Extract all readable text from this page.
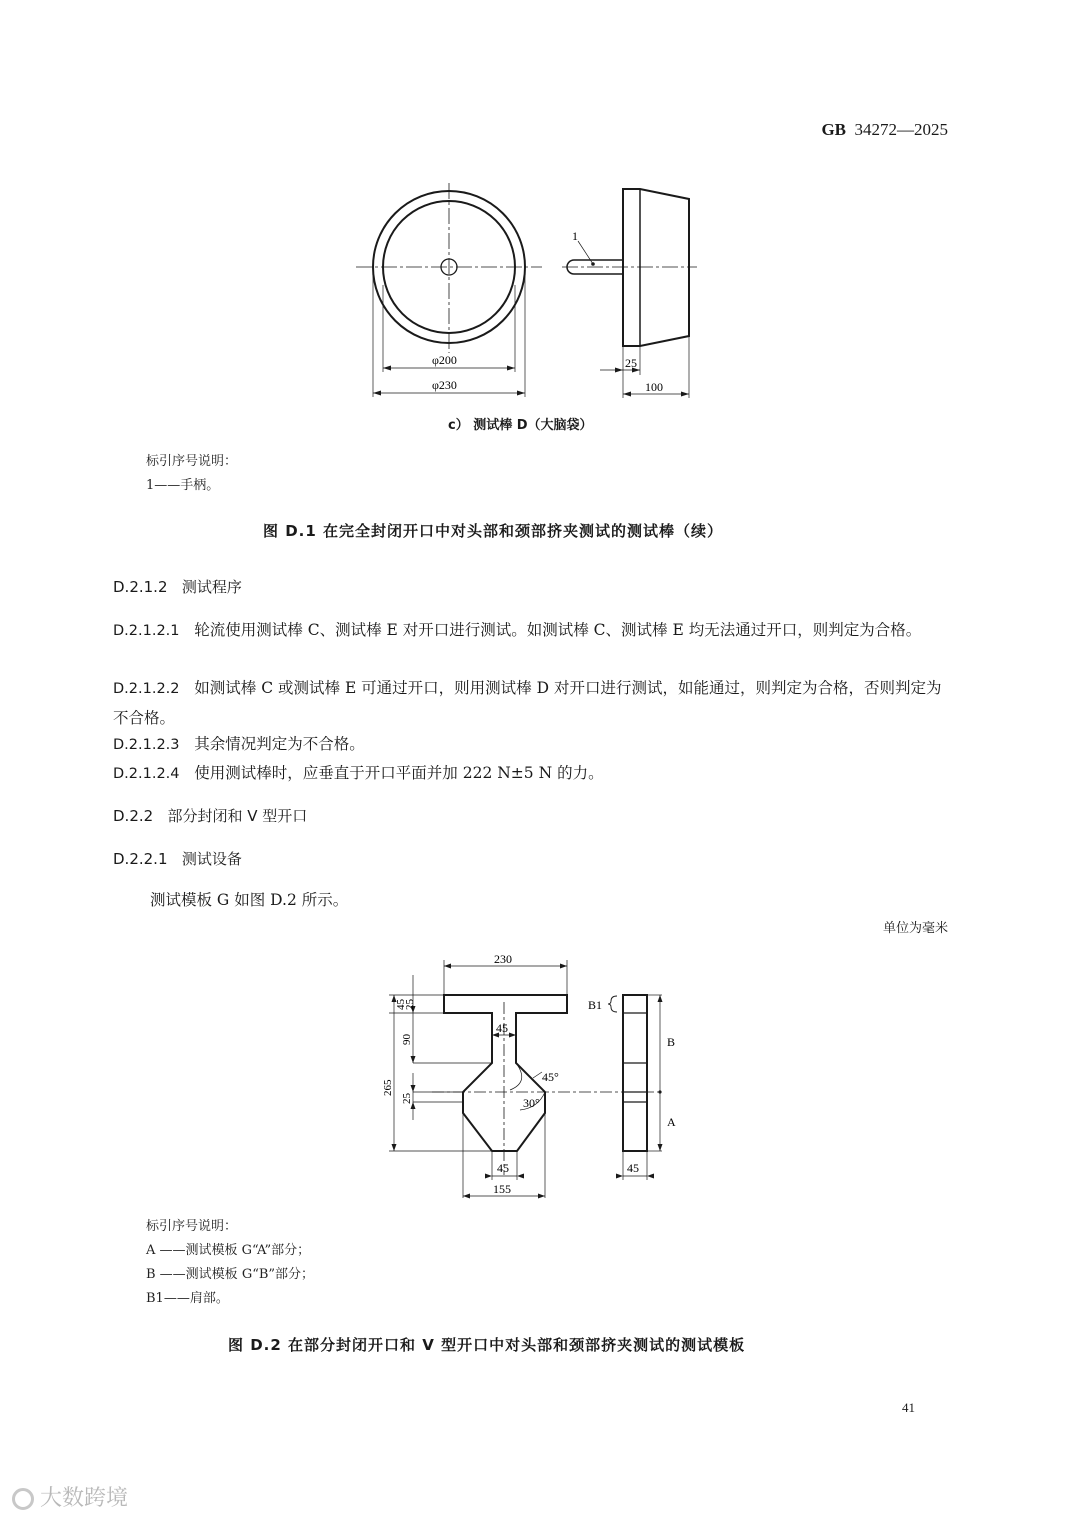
GB 34272—2025
φ200
φ230
1
25
100
c） 测试棒 D（大脑袋）
标引序号说明：
1——手柄。
图 D.1 在完全封闭开口中对头部和颈部挤夹测试的测试棒（续）
D.2.1.2 测试程序
D.2.1.2.1 轮流使用测试棒 C、测试棒 E 对开口进行测试。如测试棒 C、测试棒 E 均无法通过开口，则判定为合格。
D.2.1.2.2 如测试棒 C 或测试棒 E 可通过开口，则用测试棒 D 对开口进行测试，如能通过，则判定为合格，否则判定为不合格。
D.2.1.2.3 其余情况判定为不合格。
D.2.1.2.4 使用测试棒时，应垂直于开口平面并加 222 N±5 N 的力。
D.2.2 部分封闭和 V 型开口
D.2.2.1 测试设备
测试模板 G 如图 D.2 所示。
单位为毫米
230
45
25
90
265
25
45
45°
30°
45
155
B1
B
A
45
标引序号说明：
A ——测试模板 G“A”部分；
B ——测试模板 G“B”部分；
B1——肩部。
图 D.2 在部分封闭开口和 V 型开口中对头部和颈部挤夹测试的测试模板
41
大数跨境
